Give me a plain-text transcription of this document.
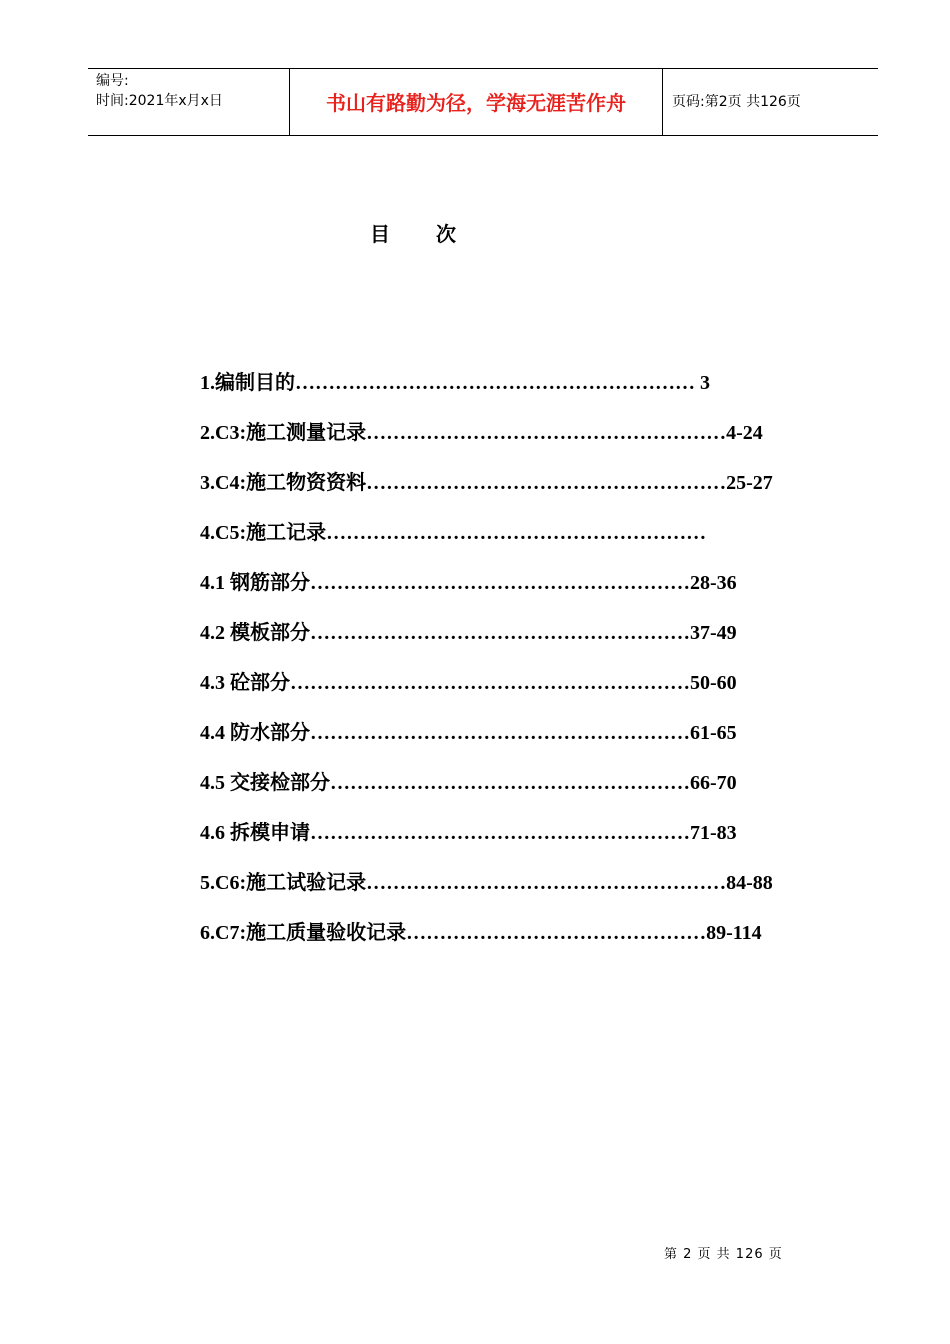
编号:
时间:2021年x月x日	书山有路勤为径，学海无涯苦作舟	页码:第2页 共126页
目次
1.编制目的…………………………………………………… 3
2.C3:施工测量记录………………………………………………4-24
3.C4:施工物资资料………………………………………………25-27
4.C5:施工记录…………………………………………………
4.1 钢筋部分…………………………………………………28-36
4.2 模板部分…………………………………………………37-49
4.3 砼部分……………………………………………………50-60
4.4 防水部分…………………………………………………61-65
4.5 交接检部分………………………………………………66-70
4.6 拆模申请…………………………………………………71-83
5.C6:施工试验记录………………………………………………84-88
6.C7:施工质量验收记录………………………………………89-114
第 2 页 共 126 页
